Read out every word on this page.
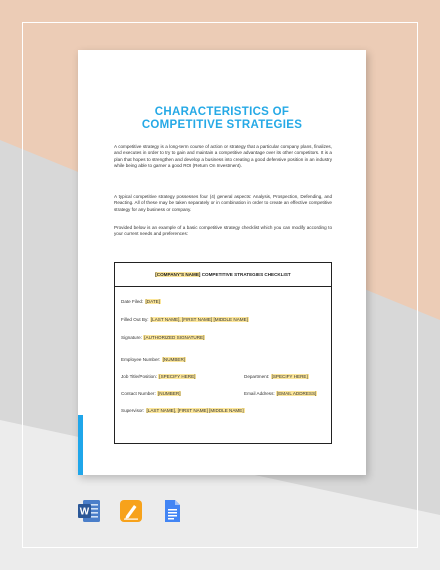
CHARACTERISTICS OF
COMPETITIVE STRATEGIES
A competitive strategy is a long-term course of action or strategy that a particular company plans, finalizes, and executes in order to try to gain and maintain a competitive advantage over its other competitors. It is a plan that hopes to strengthen and develop a business into creating a good defensive position in an industry while being able to garner a good ROI (Return On Investment).
A typical competitive strategy possesses four (4) general aspects: Analysis, Prospection, Defending, and Reacting. All of these may be taken separately or in combination in order to create an effective competitive strategy for any business or company.
Provided below is an example of a basic competitive strategy checklist which you can modify according to your current needs and preferences:
[COMPANY'S NAME]
COMPETITIVE STRATEGIES CHECKLIST
Date Filed: [DATE]
Filled Out By: [LAST NAME], [FIRST NAME] [MIDDLE NAME]
Signature: [AUTHORIZED SIGNATURE]
Employee Number: [NUMBER]
Job Title/Position: [SPECIFY HERE]	Department: [SPECIFY HERE]
Contact Number: [NUMBER]	Email Address: [EMAIL ADDRESS]
Supervisor: [LAST NAME], [FIRST NAME] [MIDDLE NAME]
W
